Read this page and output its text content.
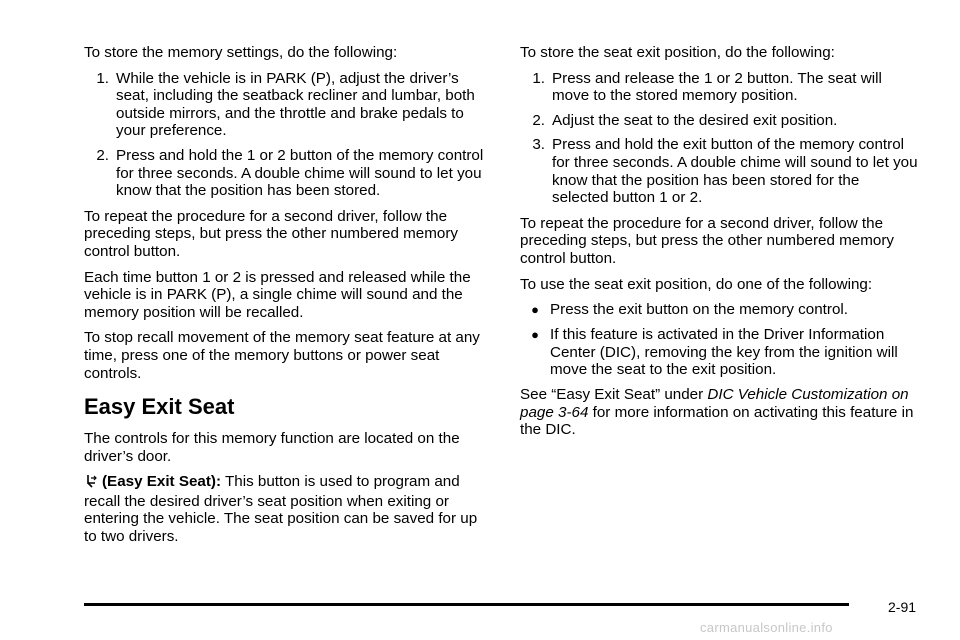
To store the memory settings, do the following:

1. While the vehicle is in PARK (P), adjust the driver’s seat, including the seatback recliner and lumbar, both outside mirrors, and the throttle and brake pedals to your preference.
2. Press and hold the 1 or 2 button of the memory control for three seconds. A double chime will sound to let you know that the position has been stored.

To repeat the procedure for a second driver, follow the preceding steps, but press the other numbered memory control button.

Each time button 1 or 2 is pressed and released while the vehicle is in PARK (P), a single chime will sound and the memory position will be recalled.

To stop recall movement of the memory seat feature at any time, press one of the memory buttons or power seat controls.

Easy Exit Seat

The controls for this memory function are located on the driver’s door.

(Easy Exit Seat): This button is used to program and recall the desired driver’s seat position when exiting or entering the vehicle. The seat position can be saved for up to two drivers.

To store the seat exit position, do the following:

1. Press and release the 1 or 2 button. The seat will move to the stored memory position.
2. Adjust the seat to the desired exit position.
3. Press and hold the exit button of the memory control for three seconds. A double chime will sound to let you know that the position has been stored for the selected button 1 or 2.

To repeat the procedure for a second driver, follow the preceding steps, but press the other numbered memory control button.

To use the seat exit position, do one of the following:

● Press the exit button on the memory control.
● If this feature is activated in the Driver Information Center (DIC), removing the key from the ignition will move the seat to the exit position.

See “Easy Exit Seat” under DIC Vehicle Customization on page 3-64 for more information on activating this feature in the DIC.

2-91
carmanualsonline.info
